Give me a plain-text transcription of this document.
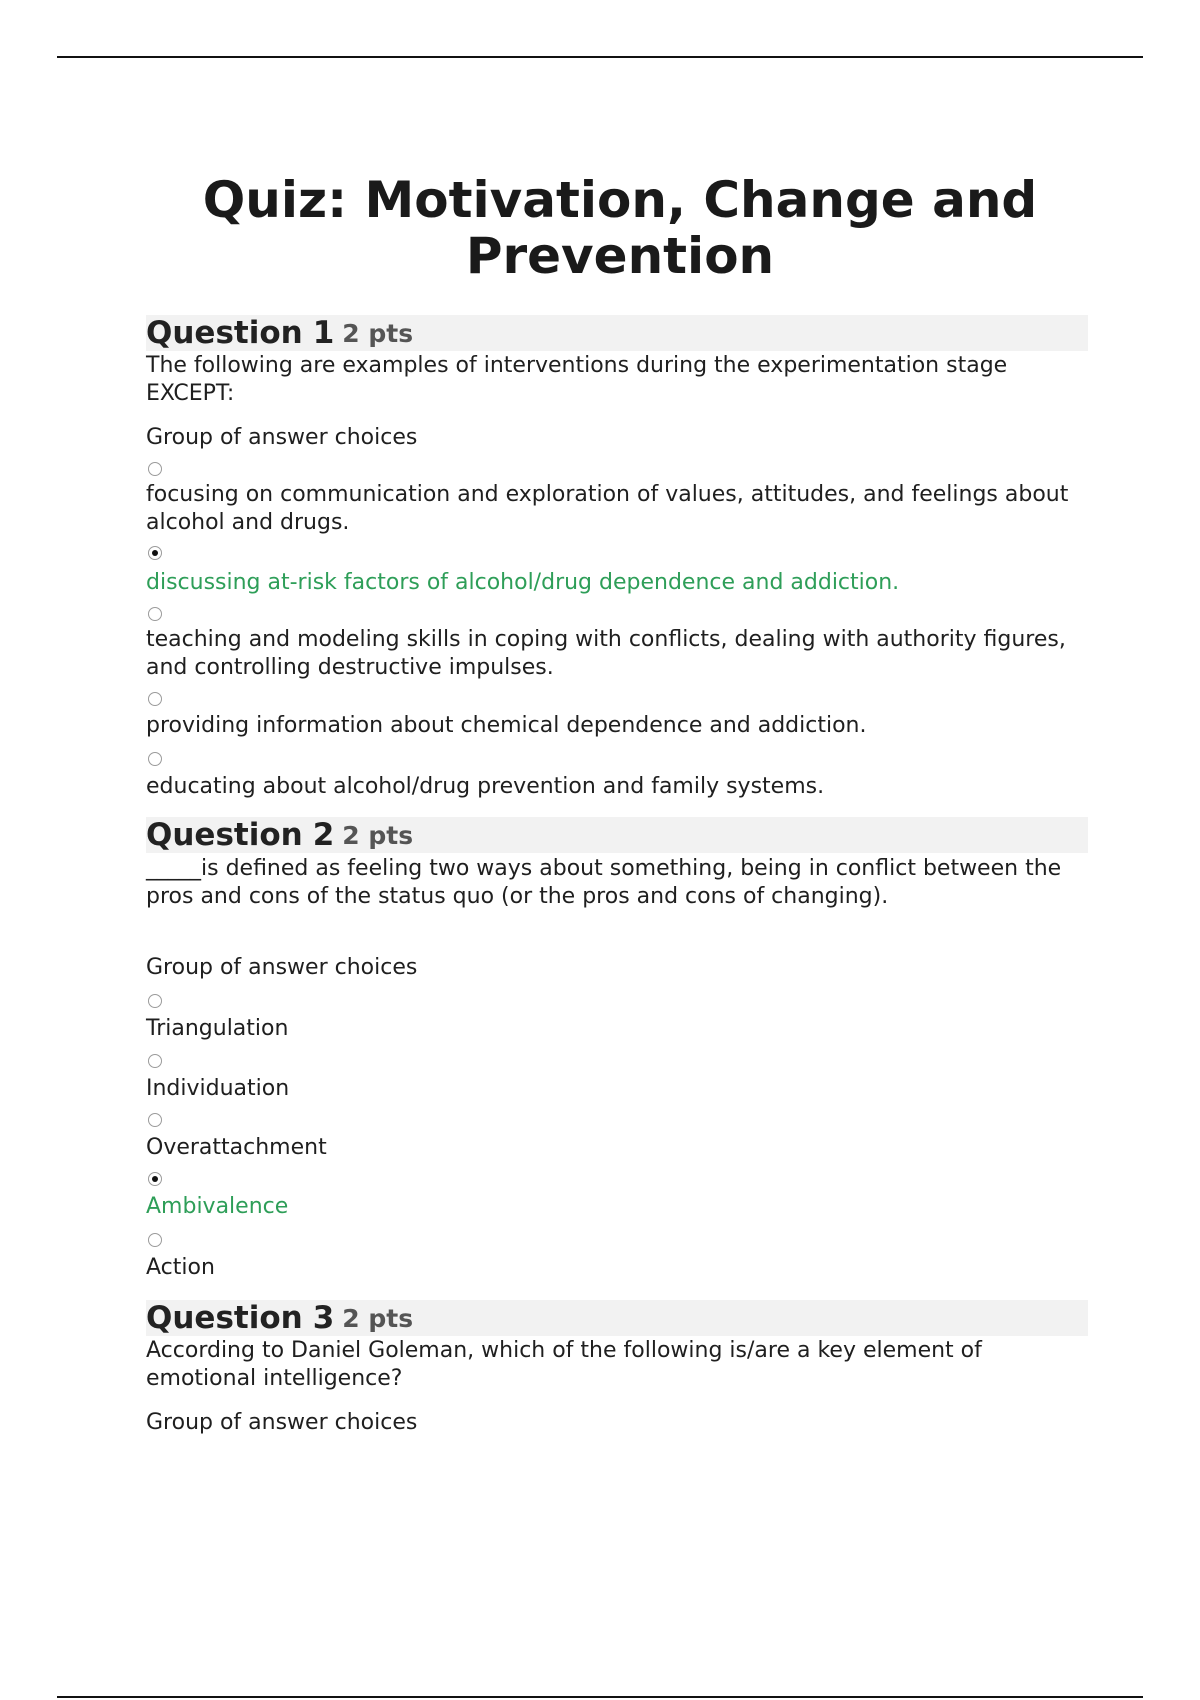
Quiz: Motivation, Change and Prevention
Question 1 2 pts

The following are examples of interventions during the experimentation stage EXCEPT:

Group of answer choices

focusing on communication and exploration of values, attitudes, and feelings about alcohol and drugs.

discussing at-risk factors of alcohol/drug dependence and addiction.

teaching and modeling skills in coping with conflicts, dealing with authority figures, and controlling destructive impulses.

providing information about chemical dependence and addiction.

educating about alcohol/drug prevention and family systems.

Question 2 2 pts

_____is defined as feeling two ways about something, being in conflict between the pros and cons of the status quo (or the pros and cons of changing).

Group of answer choices

Triangulation

Individuation

Overattachment

Ambivalence

Action

Question 3 2 pts

According to Daniel Goleman, which of the following is/are a key element of emotional intelligence?

Group of answer choices
